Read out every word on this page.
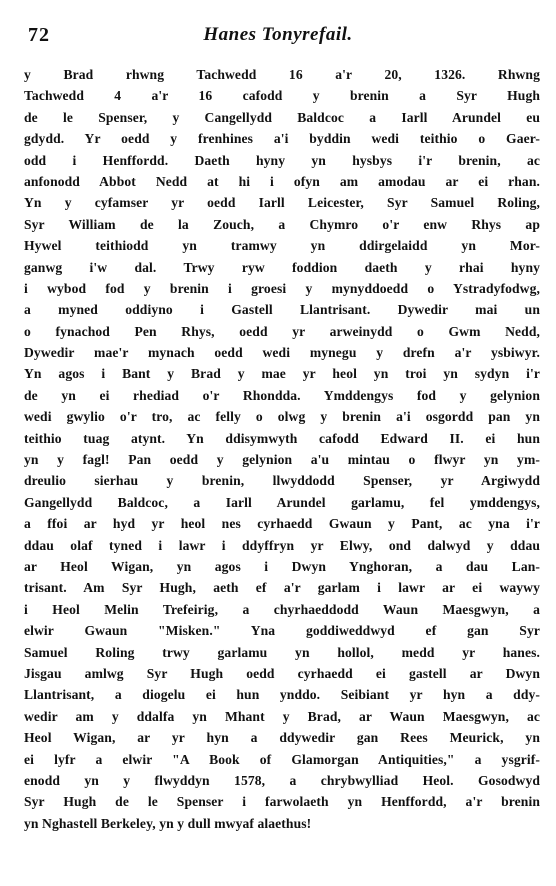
72	Hanes Tonyrefail.
y Brad rhwng Tachwedd 16 a'r 20, 1326. Rhwng
Tachwedd 4 a'r 16 cafodd y brenin a Syr Hugh
de le Spenser, y Cangellydd Baldcoc a Iarll Arundel eu
gdydd. Yr oedd y frenhines a'i byddin wedi teithio o Gaer-
odd i Henffordd. Daeth hyny yn hysbys i'r brenin, ac
anfonodd Abbot Nedd at hi i ofyn am amodau ar ei rhan.
Yn y cyfamser yr oedd Iarll Leicester, Syr Samuel Roling,
Syr William de la Zouch, a Chymro o'r enw Rhys ap
Hywel teithiodd yn tramwy yn ddirgelaidd yn Mor-
ganwg i'w dal. Trwy ryw foddion daeth y rhai hyny
i wybod fod y brenin i groesi y mynyddoedd o Ystradyfodwg,
a myned oddiyno i Gastell Llantrisant. Dywedir mai un
o fynachod Pen Rhys, oedd yr arweinydd o Gwm Nedd,
Dywedir mae'r mynach oedd wedi mynegu y drefn a'r ysbiwyr.
Yn agos i Bant y Brad y mae yr heol yn troi yn sydyn i'r
de yn ei rhediad o'r Rhondda. Ymddengys fod y gelynion
wedi gwylio o'r tro, ac felly o olwg y brenin a'i osgordd pan yn
teithio tuag atynt. Yn ddisymwyth cafodd Edward II. ei hun
yn y fagl! Pan oedd y gelynion a'u mintau o flwyr yn ym-
dreulio sierhau y brenin, llwyddodd Spenser, yr Argiwydd
Gangellydd Baldcoc, a Iarll Arundel garlamu, fel ymddengys,
a ffoi ar hyd yr heol nes cyrhaedd Gwaun y Pant, ac yna i'r
ddau olaf tyned i lawr i ddyffryn yr Elwy, ond dalwyd y ddau
ar Heol Wigan, yn agos i Dwyn Ynghoran, a dau Lan-
trisant. Am Syr Hugh, aeth ef a'r garlam i lawr ar ei waywy
i Heol Melin Trefeirig, a chyrhaeddodd Waun Maesgwyn, a
elwir Gwaun "Misken." Yna goddiweddwyd ef gan Syr
Samuel Roling trwy garlamu yn hollol, medd yr hanes.
Jisgau amlwg Syr Hugh oedd cyrhaedd ei gastell ar Dwyn
Llantrisant, a diogelu ei hun ynddo. Seibiant yr hyn a ddy-
wedir am y ddalfa yn Mhant y Brad, ar Waun Maesgwyn, ac
Heol Wigan, ar yr hyn a ddywedir gan Rees Meurick, yn
ei lyfr a elwir "A Book of Glamorgan Antiquities," a ysgrif-
enodd yn y flwyddyn 1578, a chrybwylliad Heol. Gosodwyd
Syr Hugh de le Spenser i farwolaeth yn Henffordd, a'r brenin
yn Nghastell Berkeley, yn y dull mwyaf alaethus!
